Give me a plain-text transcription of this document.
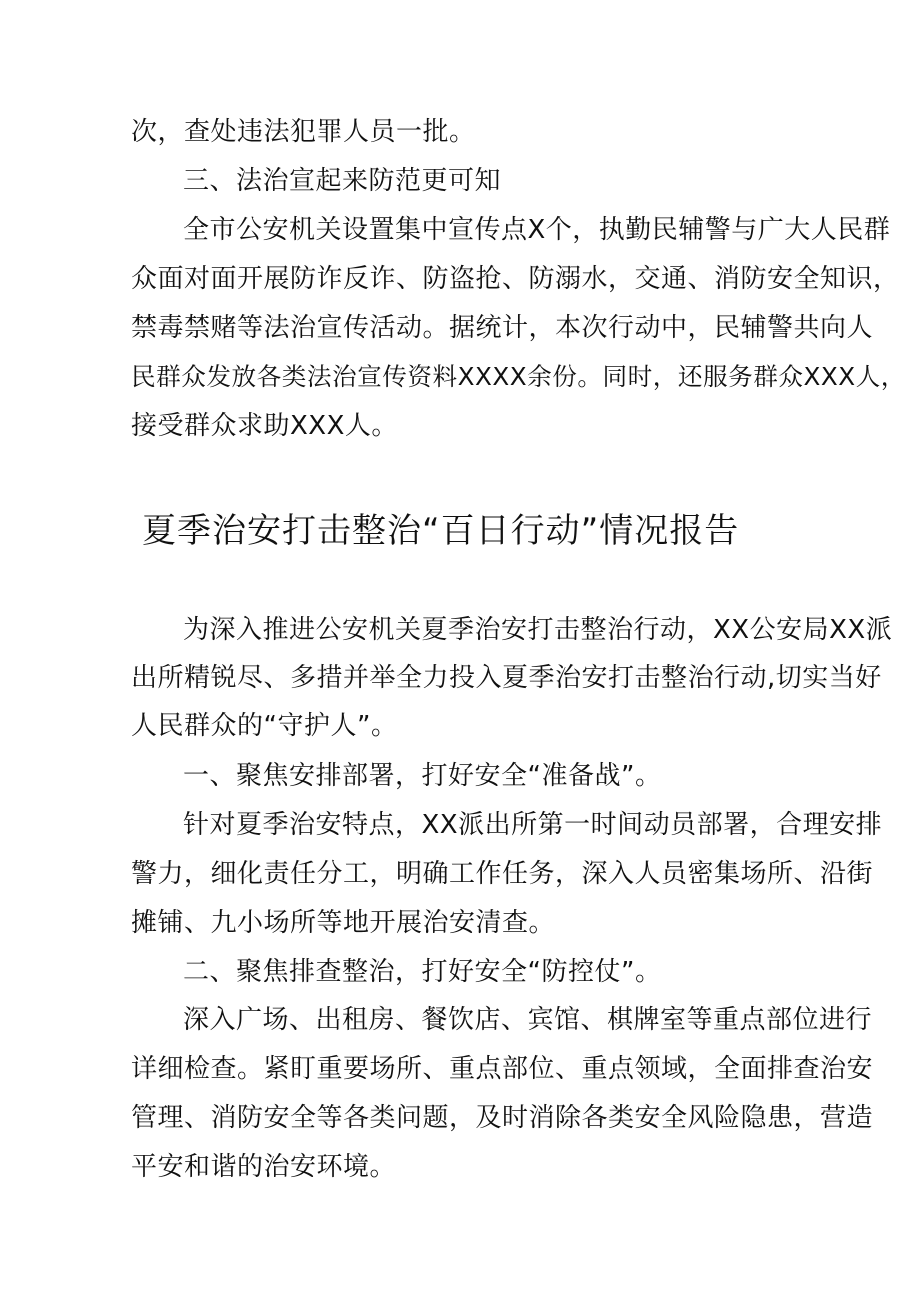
次，查处违法犯罪人员一批。
三、法治宣起来防范更可知
全市公安机关设置集中宣传点X个，执勤民辅警与广大人民群
众面对面开展防诈反诈、防盗抢、防溺水，交通、消防安全知识，
禁毒禁赌等法治宣传活动。据统计，本次行动中，民辅警共向人
民群众发放各类法治宣传资料XXXX余份。同时，还服务群众XXX人，
接受群众求助XXX人。
夏季治安打击整治“百日行动”情况报告
为深入推进公安机关夏季治安打击整治行动，XX公安局XX派
出所精锐尽、多措并举全力投入夏季治安打击整治行动,切实当好
人民群众的“守护人”。
一、聚焦安排部署，打好安全“准备战”。
针对夏季治安特点，XX派出所第一时间动员部署，合理安排
警力，细化责任分工，明确工作任务，深入人员密集场所、沿街
摊铺、九小场所等地开展治安清查。
二、聚焦排查整治，打好安全“防控仗”。
深入广场、出租房、餐饮店、宾馆、棋牌室等重点部位进行
详细检查。紧盯重要场所、重点部位、重点领域，全面排查治安
管理、消防安全等各类问题，及时消除各类安全风险隐患，营造
平安和谐的治安环境。
